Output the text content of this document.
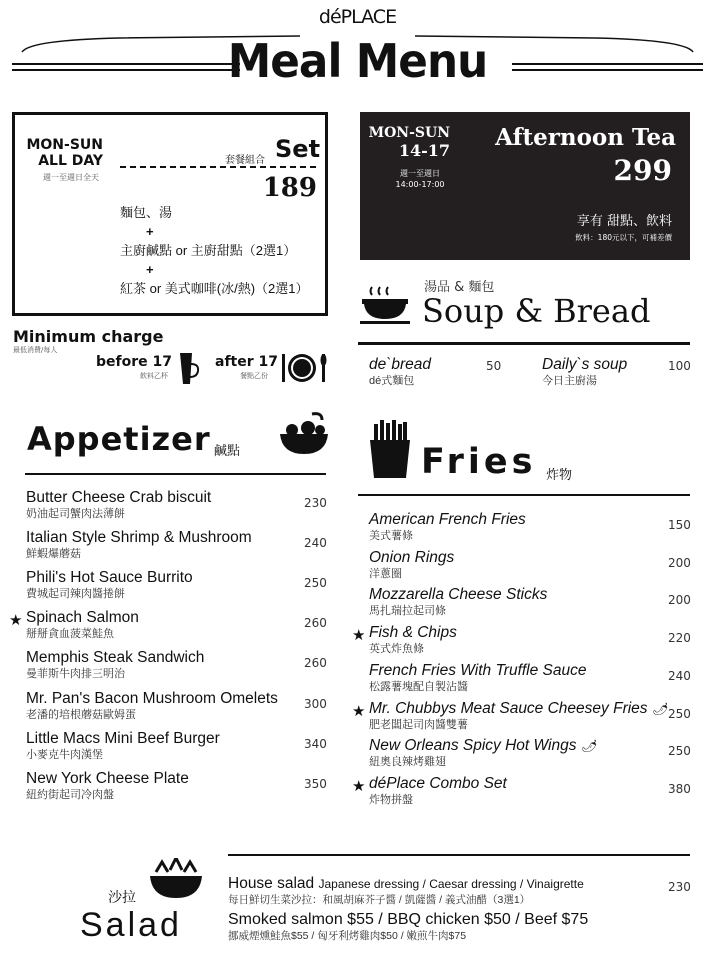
déPLACE
Meal Menu
MON-SUN
ALL DAY
週一至週日全天
套餐組合 Set
189
麵包、湯
+
主廚鹹點 or 主廚甜點（2選1）
+
紅茶 or 美式咖啡(冰/熱)（2選1）
MON-SUN
14-17
週一至週日
14:00-17:00
Afternoon Tea
299
享有 甜點、飲料
飲料：180元以下，可補差價
Minimum charge
最低消費/每人
before 17
飲料乙杯
after 17
餐點乙份
Appetizer 鹹點
Butter Cheese Crab biscuit
奶油起司蟹肉法薄餅
230
Italian Style Shrimp & Mushroom
鮮蝦爆蘑菇
240
Phili's Hot Sauce Burrito
費城起司辣肉醬捲餅
250
★ Spinach Salmon
掰掰貪血菠菜鮭魚
260
Memphis Steak Sandwich
曼菲斯牛肉排三明治
260
Mr. Pan's Bacon Mushroom Omelets
老潘的培根蘑菇歐姆蛋
300
Little Macs Mini Beef Burger
小麥克牛肉漢堡
340
New York Cheese Plate
紐約街起司冷肉盤
350
湯品 & 麵包
Soup & Bread
de`bread
dé式麵包
50	Daily`s soup
今日主廚湯
100
Fries 炸物
American French Fries
美式薯條
150
Onion Rings
洋蔥圈
200
Mozzarella Cheese Sticks
馬扎瑞拉起司條
200
★ Fish & Chips
英式炸魚條
220
French Fries With Truffle Sauce
松露薯塊配自製沾醬
240
★ Mr. Chubbys Meat Sauce Cheesey Fries 🌶
肥老闆起司肉醬雙薯
250
New Orleans Spicy Hot Wings 🌶
紐奧良辣烤雞翅
250
★ déPlace Combo Set
炸物拼盤
380
沙拉
Salad
House salad Japanese dressing / Caesar dressing / Vinaigrette
每日鮮切生菜沙拉：和風胡麻芥子醬 / 凱薩醬 / 義式油醋（3選1）
Smoked salmon $55 / BBQ chicken $50 / Beef $75
挪威煙燻鮭魚$55 / 匈牙利烤雞肉$50 / 嫩煎牛肉$75
230
